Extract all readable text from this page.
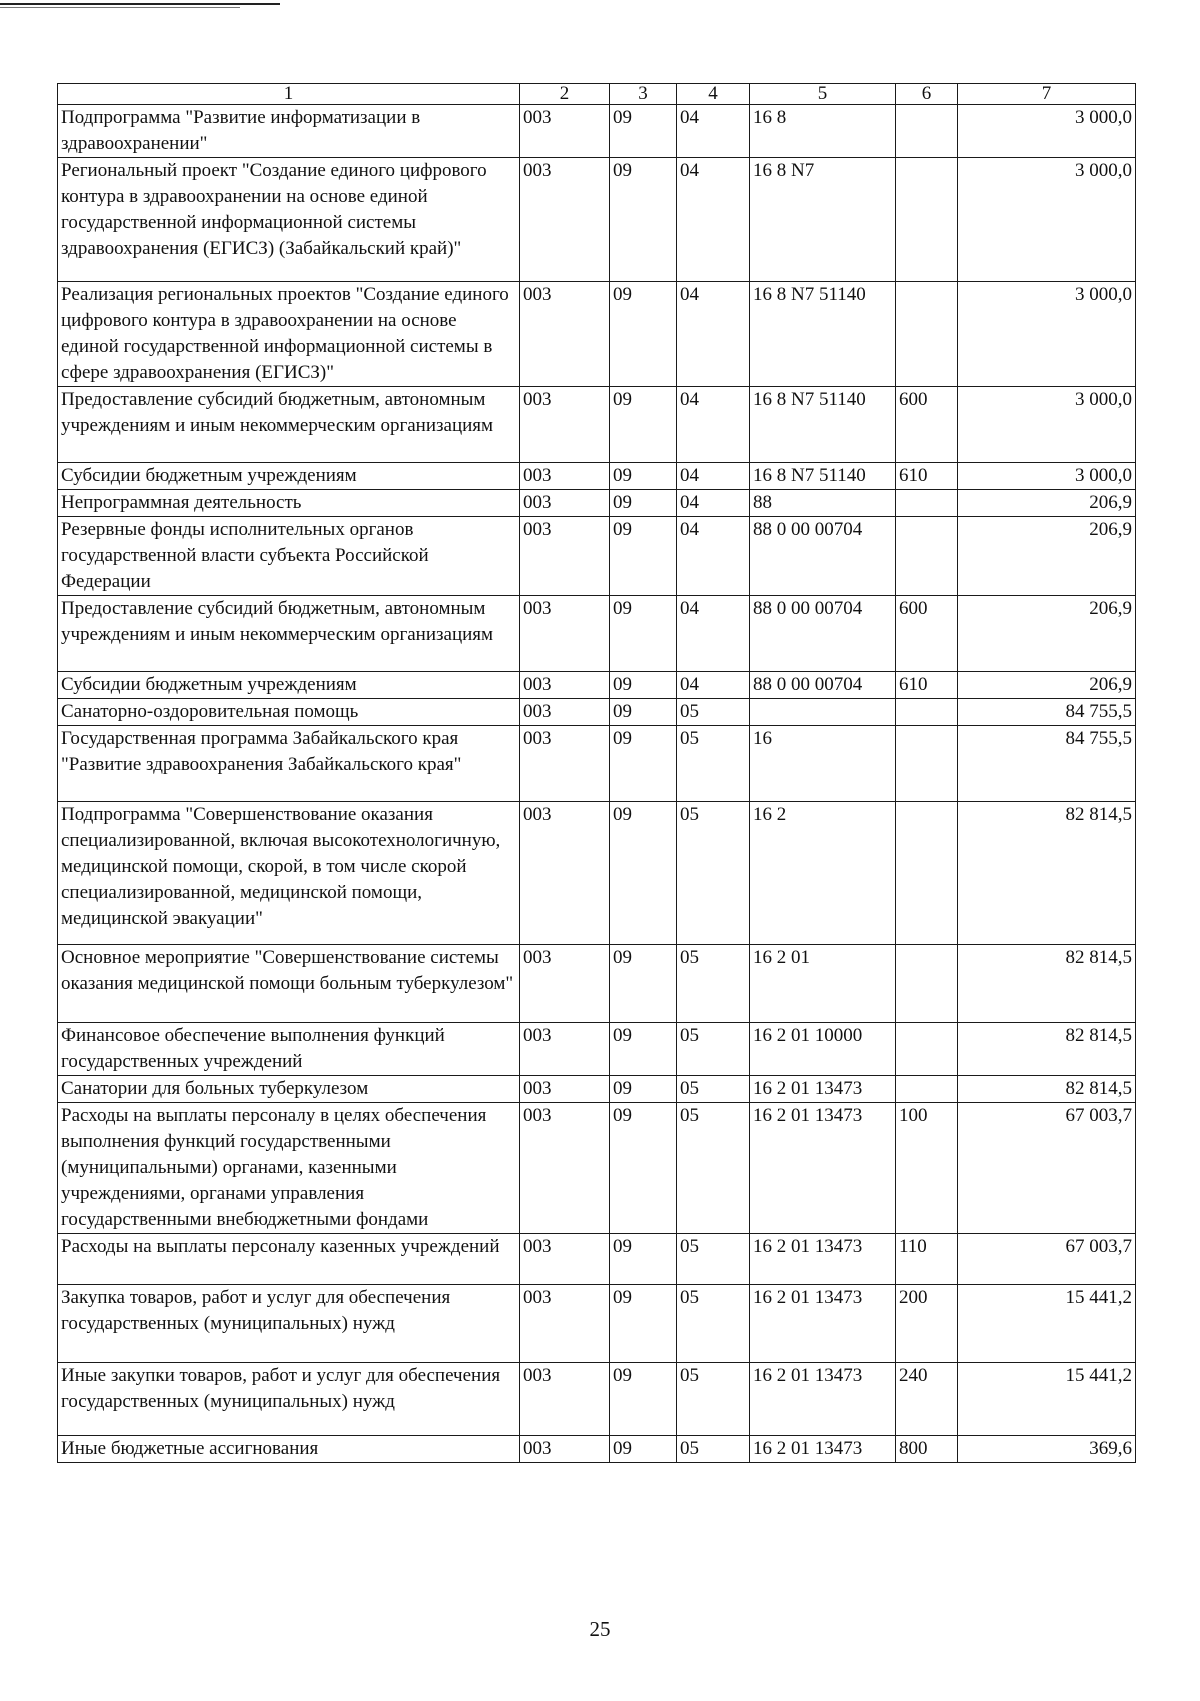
1	2	3	4	5	6	7
Подпрограмма "Развитие информатизации в здравоохранении"	003	09	04	16 8		3 000,0
Региональный проект "Создание единого цифрового контура в здравоохранении на основе единой государственной информационной системы здравоохранения (ЕГИСЗ) (Забайкальский край)"	003	09	04	16 8 N7		3 000,0
Реализация региональных проектов "Создание единого цифрового контура в здравоохранении на основе единой государственной информационной системы в сфере здравоохранения (ЕГИСЗ)"	003	09	04	16 8 N7 51140		3 000,0
Предоставление субсидий бюджетным, автономным учреждениям и иным некоммерческим организациям	003	09	04	16 8 N7 51140	600	3 000,0
Субсидии бюджетным учреждениям	003	09	04	16 8 N7 51140	610	3 000,0
Непрограммная деятельность	003	09	04	88		206,9
Резервные фонды исполнительных органов государственной власти субъекта Российской Федерации	003	09	04	88 0 00 00704		206,9
Предоставление субсидий бюджетным, автономным учреждениям и иным некоммерческим организациям	003	09	04	88 0 00 00704	600	206,9
Субсидии бюджетным учреждениям	003	09	04	88 0 00 00704	610	206,9
Санаторно-оздоровительная помощь	003	09	05			84 755,5
Государственная программа Забайкальского края "Развитие здравоохранения Забайкальского края"	003	09	05	16		84 755,5
Подпрограмма "Совершенствование оказания специализированной, включая высокотехнологичную, медицинской помощи, скорой, в том числе скорой специализированной, медицинской помощи, медицинской эвакуации"	003	09	05	16 2		82 814,5
Основное мероприятие "Совершенствование системы оказания медицинской помощи больным туберкулезом"	003	09	05	16 2 01		82 814,5
Финансовое обеспечение выполнения функций государственных учреждений	003	09	05	16 2 01 10000		82 814,5
Санатории для больных туберкулезом	003	09	05	16 2 01 13473		82 814,5
Расходы на выплаты персоналу в целях обеспечения выполнения функций государственными (муниципальными) органами, казенными учреждениями, органами управления государственными внебюджетными фондами	003	09	05	16 2 01 13473	100	67 003,7
Расходы на выплаты персоналу казенных учреждений	003	09	05	16 2 01 13473	110	67 003,7
Закупка товаров, работ и услуг для обеспечения государственных (муниципальных) нужд	003	09	05	16 2 01 13473	200	15 441,2
Иные закупки товаров, работ и услуг для обеспечения государственных (муниципальных) нужд	003	09	05	16 2 01 13473	240	15 441,2
Иные бюджетные ассигнования	003	09	05	16 2 01 13473	800	369,6
25
